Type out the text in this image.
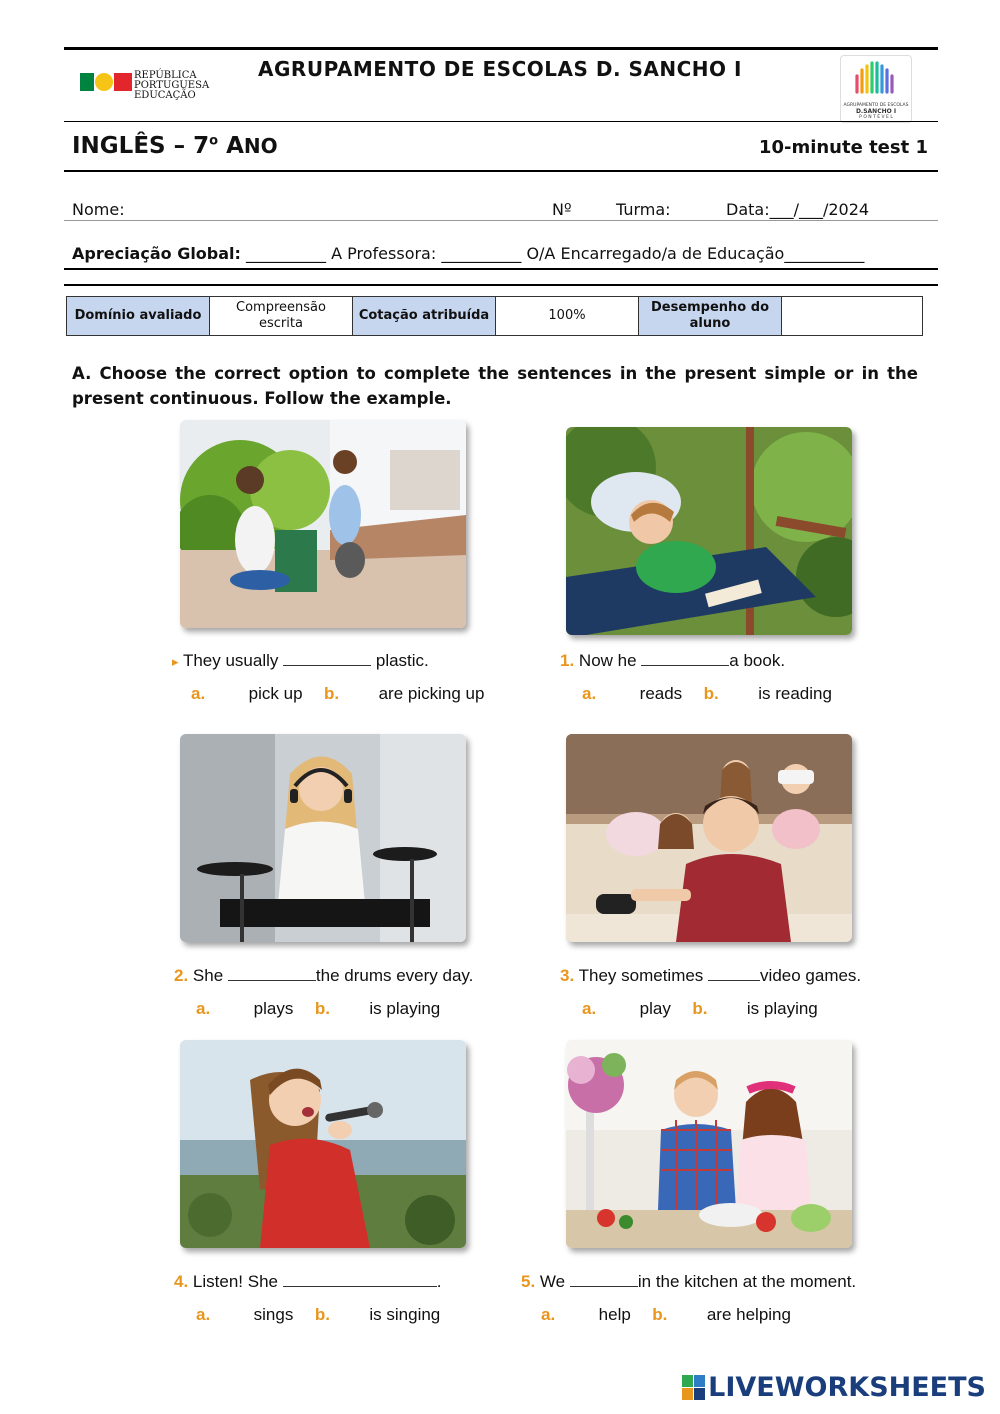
REPÚBLICA
PORTUGUESA
EDUCAÇÃO
AGRUPAMENTO DE ESCOLAS D. SANCHO I
AGRUPAMENTO DE ESCOLAS
D.SANCHO I
P O N T É V E L
INGLÊS – 7$^o$ ANO	10-minute test 1
Nome:	Nº	Turma:	Data:___/___/2024
Apreciação Global: __________ A Professora: __________ O/A Encarregado/a de Educação__________
Domínio avaliado	Compreensão escrita	Cotação atribuída	100%	Desempenho do aluno	
A. Choose the correct option to complete the sentences in the present simple or in the present continuous. Follow the example.
▸ They usually	plastic.
a.	pick up b. are picking up
1. Now he	a book.
a.	reads b. is reading
2. She	the drums every day.
a.	plays b. is playing
3. They sometimes	video games.
a.	play b. is playing
4. Listen! She	.
a.	sings b. is singing
5. We	in the kitchen at the moment.
a.	help b. are helping
LIVEWORKSHEETS
